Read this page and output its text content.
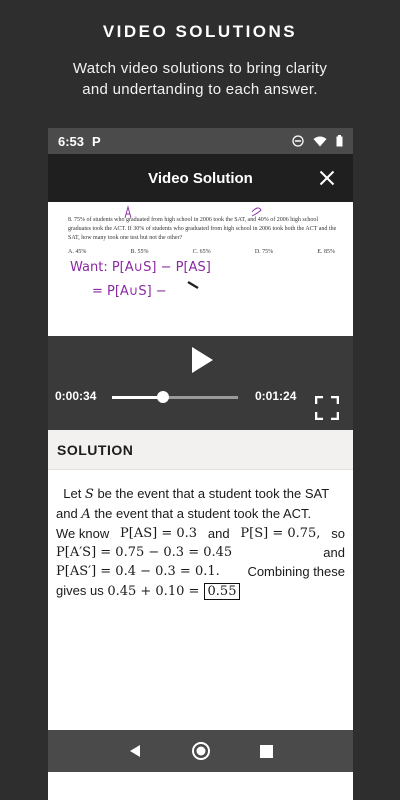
VIDEO SOLUTIONS
Watch video solutions to bring clarity
and undertanding to each answer.
6:53 P
Video Solution
8. 75% of students who graduated from high school in 2006 took the SAT, and 40% of 2006 high school graduates took the ACT. If 30% of students who graduated from high school in 2006 took both the ACT and the SAT, how many took one test but not the other?
A. 45%	B. 55%	C. 65%	D. 75%	E. 85%
Want: P[A∪S] − P[AS]
= P[A∪S] −
0:00:34	0:01:24
SOLUTION
Let S be the event that a student took the SAT
and A the event that a student took the ACT.
We know P[AS] = 0.3 and P[S] = 0.75, so
P[A′S] = 0.75 − 0.3 = 0.45	and
P[AS′] = 0.4 − 0.3 = 0.1. Combining these
gives us 0.45 + 0.10 = 0.55
